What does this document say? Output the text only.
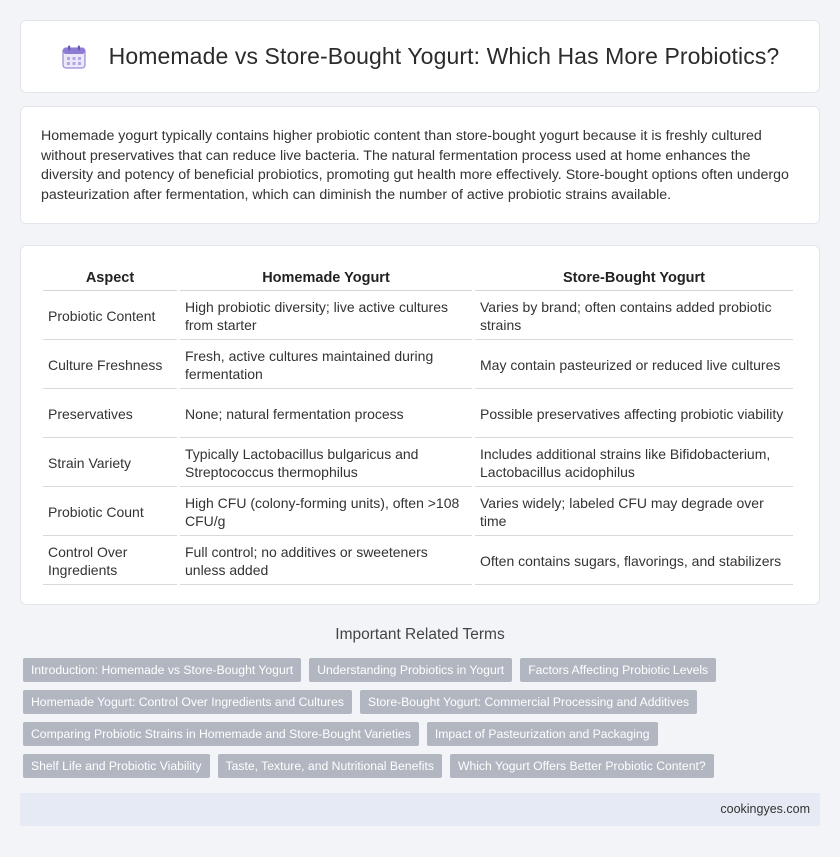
Homemade vs Store-Bought Yogurt: Which Has More Probiotics?

Homemade yogurt typically contains higher probiotic content than store-bought yogurt because it is freshly cultured without preservatives that can reduce live bacteria. The natural fermentation process used at home enhances the diversity and potency of beneficial probiotics, promoting gut health more effectively. Store-bought options often undergo pasteurization after fermentation, which can diminish the number of active probiotic strains available.

Aspect	Homemade Yogurt	Store-Bought Yogurt
Probiotic Content	High probiotic diversity; live active cultures from starter	Varies by brand; often contains added probiotic strains
Culture Freshness	Fresh, active cultures maintained during fermentation	May contain pasteurized or reduced live cultures
Preservatives	None; natural fermentation process	Possible preservatives affecting probiotic viability
Strain Variety	Typically Lactobacillus bulgaricus and Streptococcus thermophilus	Includes additional strains like Bifidobacterium, Lactobacillus acidophilus
Probiotic Count	High CFU (colony-forming units), often >108 CFU/g	Varies widely; labeled CFU may degrade over time
Control Over Ingredients	Full control; no additives or sweeteners unless added	Often contains sugars, flavorings, and stabilizers
Important Related Terms
Introduction: Homemade vs Store-Bought Yogurt	Understanding Probiotics in Yogurt	Factors Affecting Probiotic Levels
Homemade Yogurt: Control Over Ingredients and Cultures	Store-Bought Yogurt: Commercial Processing and Additives
Comparing Probiotic Strains in Homemade and Store-Bought Varieties	Impact of Pasteurization and Packaging
Shelf Life and Probiotic Viability	Taste, Texture, and Nutritional Benefits	Which Yogurt Offers Better Probiotic Content?
cookingyes.com
